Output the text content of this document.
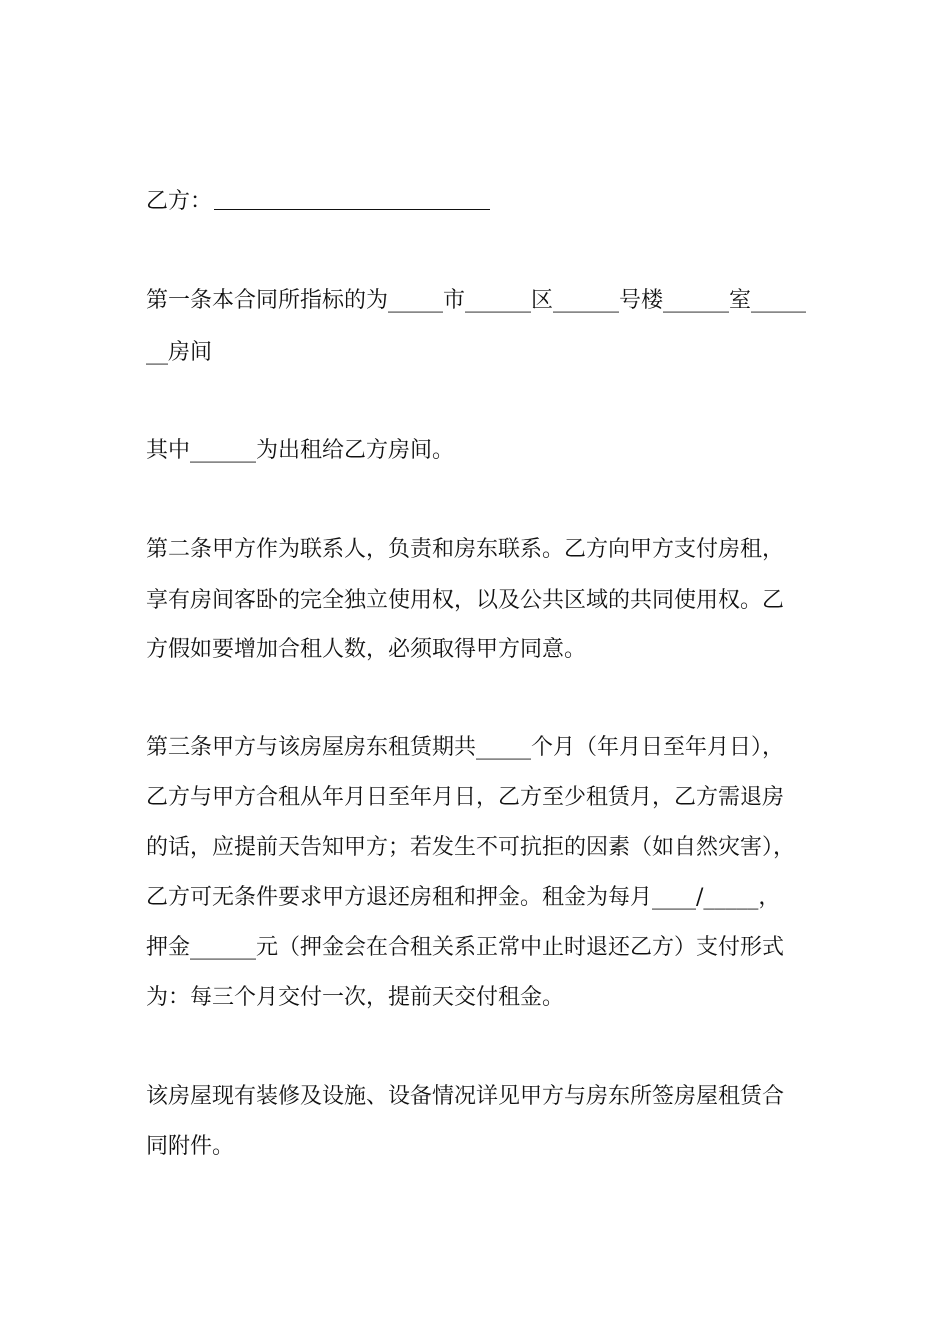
乙方：
第一条本合同所指标的为_____市______区______号楼______室_____
__房间
其中______为出租给乙方房间。
第二条甲方作为联系人，负责和房东联系。乙方向甲方支付房租，
享有房间客卧的完全独立使用权，以及公共区域的共同使用权。乙
方假如要增加合租人数，必须取得甲方同意。
第三条甲方与该房屋房东租赁期共_____个月（年月日至年月日），
乙方与甲方合租从年月日至年月日，乙方至少租赁月，乙方需退房
的话，应提前天告知甲方；若发生不可抗拒的因素（如自然灾害），
乙方可无条件要求甲方退还房租和押金。租金为每月____/_____，
押金______元（押金会在合租关系正常中止时退还乙方）支付形式
为：每三个月交付一次，提前天交付租金。
该房屋现有装修及设施、设备情况详见甲方与房东所签房屋租赁合
同附件。
